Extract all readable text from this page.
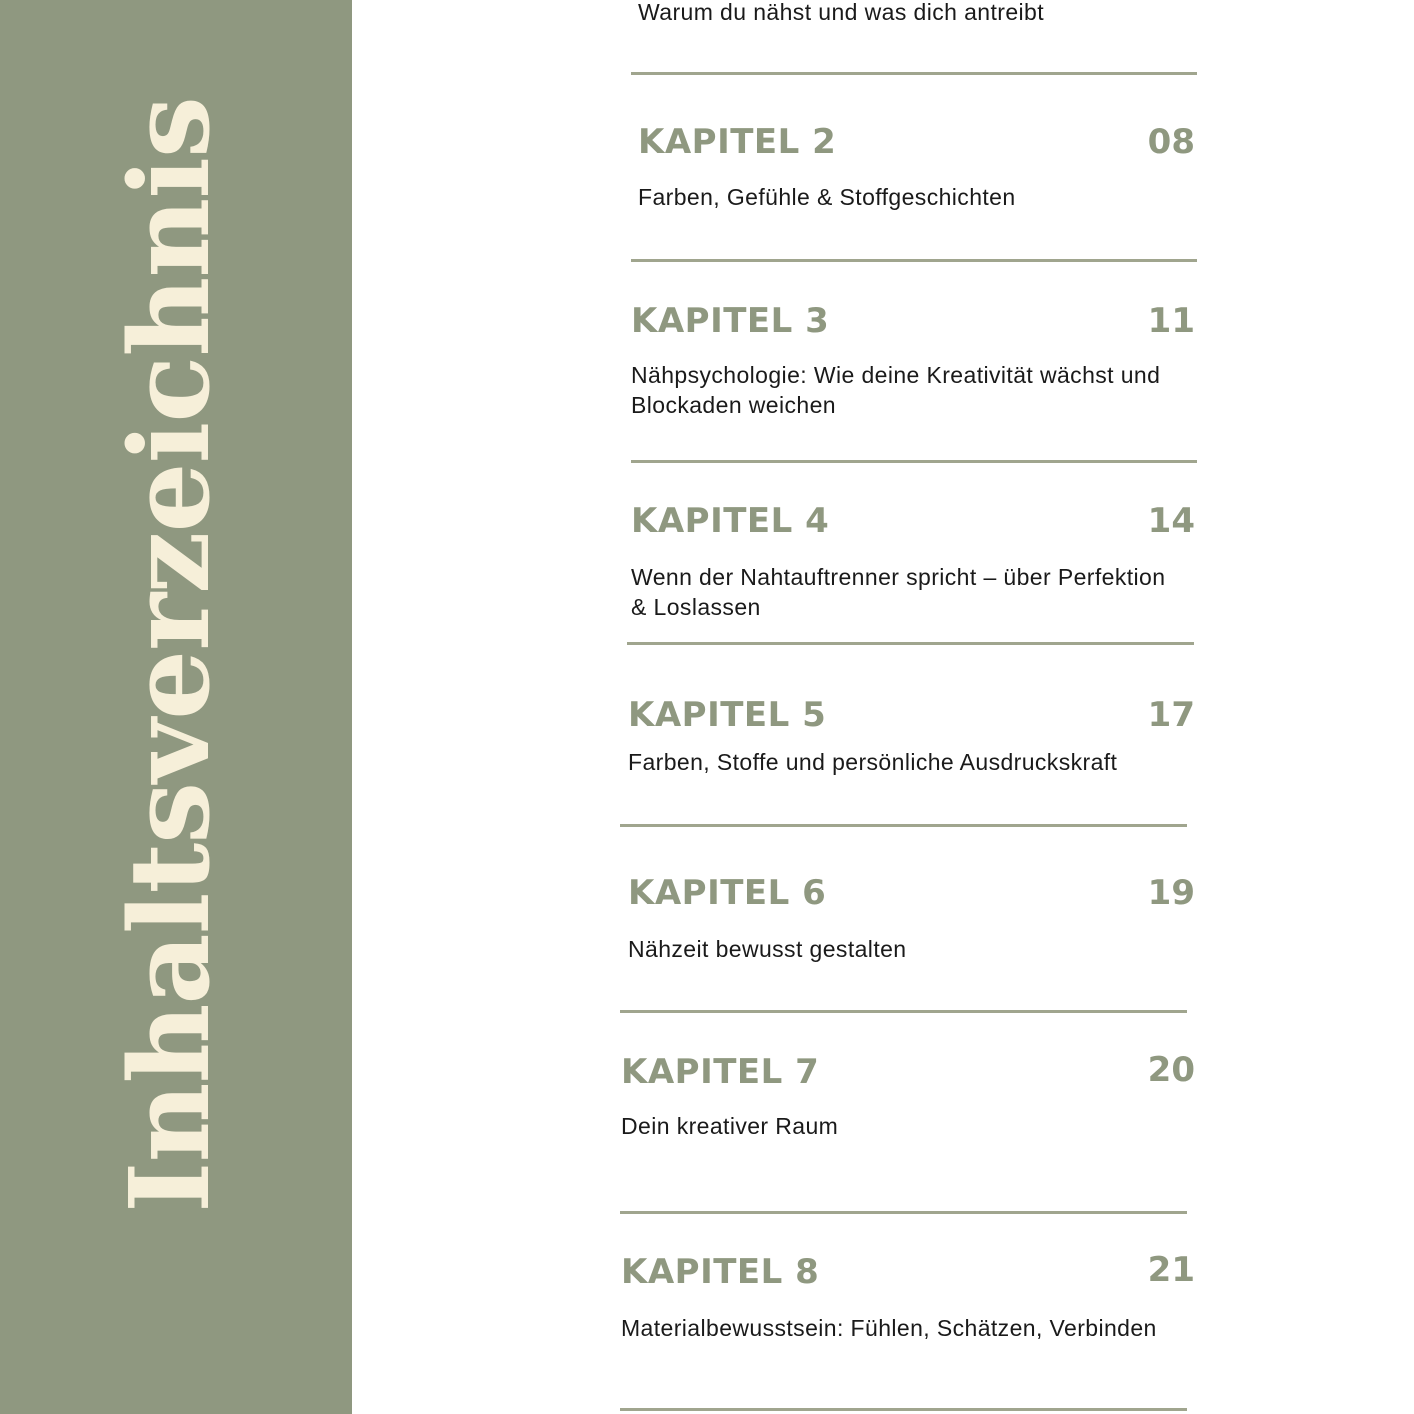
Inhaltsverzeichnis
Warum du nähst und was dich antreibt
KAPITEL 2	08
Farben, Gefühle & Stoffgeschichten
KAPITEL 3	11
Nähpsychologie: Wie deine Kreativität wächst und Blockaden weichen
KAPITEL 4	14
Wenn der Nahtauftrenner spricht – über Perfektion & Loslassen
KAPITEL 5	17
Farben, Stoffe und persönliche Ausdruckskraft
KAPITEL 6	19
Nähzeit bewusst gestalten
KAPITEL 7	20
Dein kreativer Raum
KAPITEL 8	21
Materialbewusstsein: Fühlen, Schätzen, Verbinden
